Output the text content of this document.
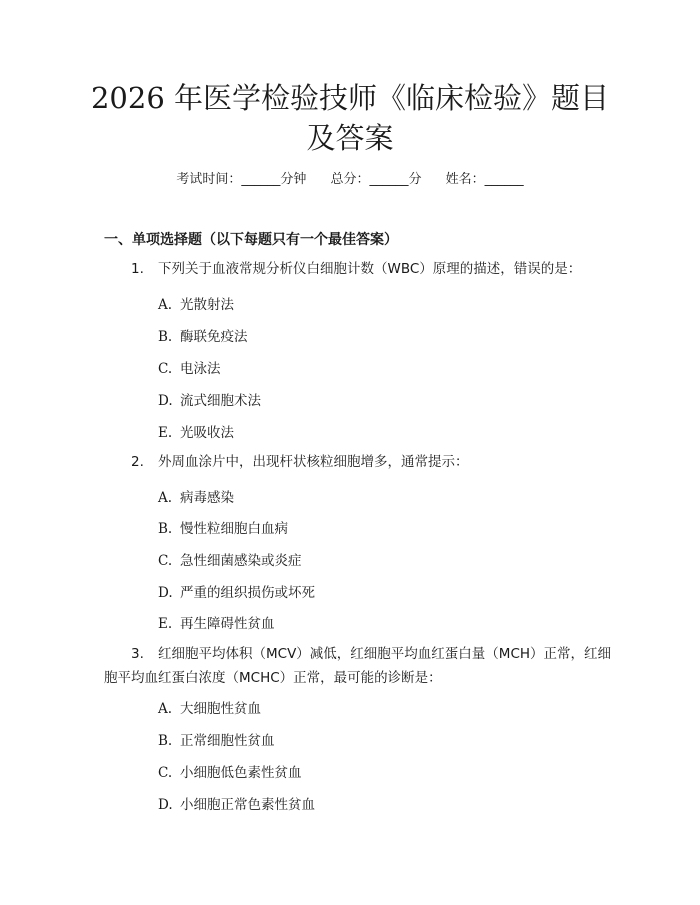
2026 年医学检验技师《临床检验》题目及答案
考试时间：______分钟 总分：______分 姓名：______
一、单项选择题（以下每题只有一个最佳答案）
1. 下列关于血液常规分析仪白细胞计数（WBC）原理的描述，错误的是：
A. 光散射法
B. 酶联免疫法
C. 电泳法
D. 流式细胞术法
E. 光吸收法
2. 外周血涂片中，出现杆状核粒细胞增多，通常提示：
A. 病毒感染
B. 慢性粒细胞白血病
C. 急性细菌感染或炎症
D. 严重的组织损伤或坏死
E. 再生障碍性贫血
3. 红细胞平均体积（MCV）减低，红细胞平均血红蛋白量（MCH）正常，红细
胞平均血红蛋白浓度（MCHC）正常，最可能的诊断是：
A. 大细胞性贫血
B. 正常细胞性贫血
C. 小细胞低色素性贫血
D. 小细胞正常色素性贫血
